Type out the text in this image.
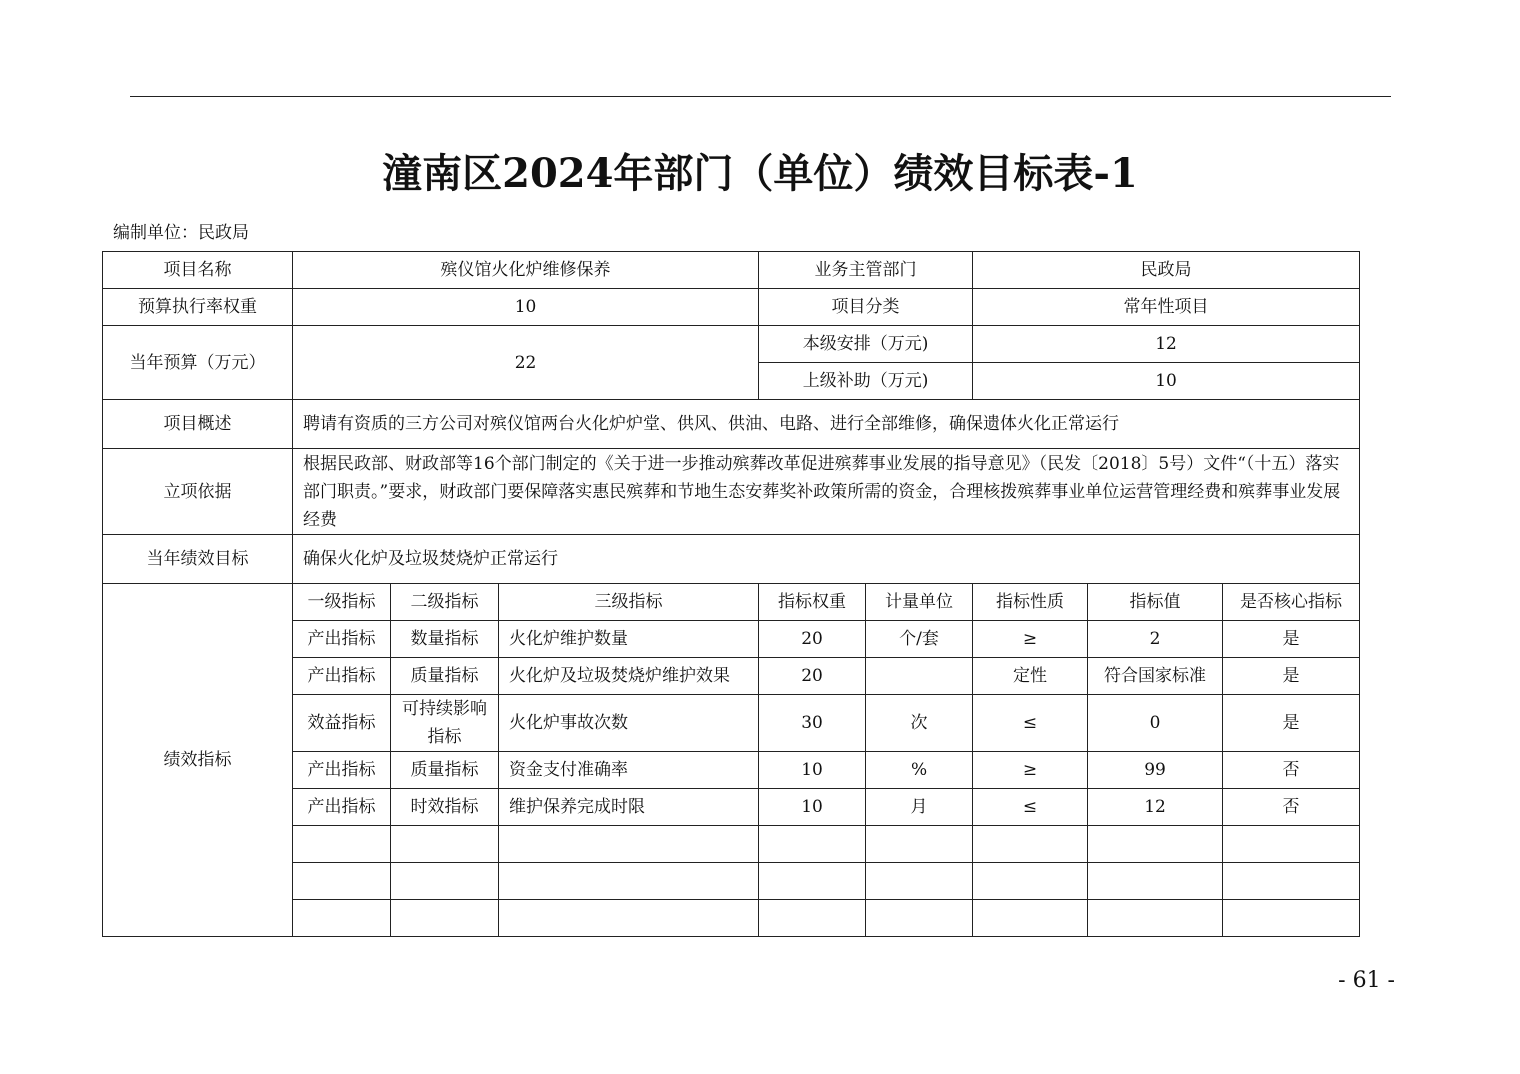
潼南区2024年部门（单位）绩效目标表-1
编制单位：民政局
项目名称	殡仪馆火化炉维修保养			业务主管部门		民政局		
预算执行率权重	10			项目分类		常年性项目		
当年预算（万元）	22			本级安排（万元)		12		
				上级补助（万元)		10		
项目概述	聘请有资质的三方公司对殡仪馆两台火化炉炉堂、供风、供油、电路、进行全部维修，确保遗体火化正常运行							
立项依据	根据民政部、财政部等16个部门制定的《关于进一步推动殡葬改革促进殡葬事业发展的指导意见》（民发〔2018〕5号）文件“（十五）落实部门职责。”要求，财政部门要保障落实惠民殡葬和节地生态安葬奖补政策所需的资金，合理核拨殡葬事业单位运营管理经费和殡葬事业发展经费							
当年绩效目标	确保火化炉及垃圾焚烧炉正常运行							
绩效指标	一级指标	二级指标	三级指标	指标权重	计量单位	指标性质	指标值	是否核心指标
	产出指标	数量指标	火化炉维护数量	20	个/套	≥	2	是
	产出指标	质量指标	火化炉及垃圾焚烧炉维护效果	20		定性	符合国家标准	是
	效益指标	可持续影响指标	火化炉事故次数	30	次	≤	0	是
	产出指标	质量指标	资金支付准确率	10	%	≥	99	否
	产出指标	时效指标	维护保养完成时限	10	月	≤	12	否

- 61 -
